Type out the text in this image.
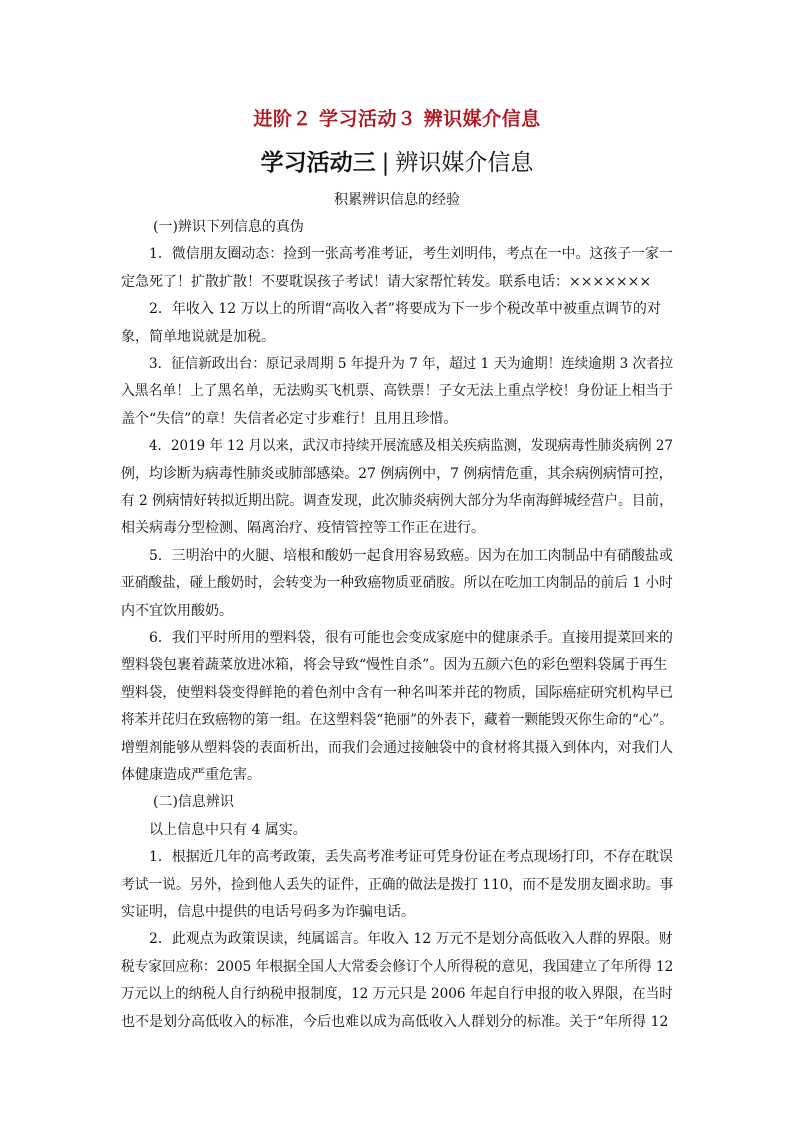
进阶２ 学习活动３ 辨识媒介信息
学习活动三 | 辨识媒介信息
积累辨识信息的经验
(一)辨识下列信息的真伪
1．微信朋友圈动态：捡到一张高考准考证，考生刘明伟，考点在一中。这孩子一家一
定急死了！扩散扩散！不要耽误孩子考试！请大家帮忙转发。联系电话：×××××××
2．年收入 12 万以上的所谓“高收入者”将要成为下一步个税改革中被重点调节的对
象，简单地说就是加税。
3．征信新政出台：原记录周期 5 年提升为 7 年，超过 1 天为逾期！连续逾期 3 次者拉
入黑名单！上了黑名单，无法购买飞机票、高铁票！子女无法上重点学校！身份证上相当于
盖个“失信”的章！失信者必定寸步难行！且用且珍惜。
4．2019 年 12 月以来，武汉市持续开展流感及相关疾病监测，发现病毒性肺炎病例 27
例，均诊断为病毒性肺炎或肺部感染。27 例病例中，7 例病情危重，其余病例病情可控，
有 2 例病情好转拟近期出院。调查发现，此次肺炎病例大部分为华南海鲜城经营户。目前，
相关病毒分型检测、隔离治疗、疫情管控等工作正在进行。
5．三明治中的火腿、培根和酸奶一起食用容易致癌。因为在加工肉制品中有硝酸盐或
亚硝酸盐，碰上酸奶时，会转变为一种致癌物质亚硝胺。所以在吃加工肉制品的前后 1 小时
内不宜饮用酸奶。
6．我们平时所用的塑料袋，很有可能也会变成家庭中的健康杀手。直接用提菜回来的
塑料袋包裹着蔬菜放进冰箱，将会导致“慢性自杀”。因为五颜六色的彩色塑料袋属于再生
塑料袋，使塑料袋变得鲜艳的着色剂中含有一种名叫苯并芘的物质，国际癌症研究机构早已
将苯并芘归在致癌物的第一组。在这塑料袋“艳丽”的外表下，藏着一颗能毁灭你生命的“心”。
增塑剂能够从塑料袋的表面析出，而我们会通过接触袋中的食材将其摄入到体内，对我们人
体健康造成严重危害。
(二)信息辨识
以上信息中只有 4 属实。
1．根据近几年的高考政策，丢失高考准考证可凭身份证在考点现场打印，不存在耽误
考试一说。另外，捡到他人丢失的证件，正确的做法是拨打 110，而不是发朋友圈求助。事
实证明，信息中提供的电话号码多为诈骗电话。
2．此观点为政策误读，纯属谣言。年收入 12 万元不是划分高低收入人群的界限。财
税专家回应称：2005 年根据全国人大常委会修订个人所得税的意见，我国建立了年所得 12
万元以上的纳税人自行纳税申报制度，12 万元只是 2006 年起自行申报的收入界限，在当时
也不是划分高低收入的标准，今后也难以成为高低收入人群划分的标准。关于“年所得 12
